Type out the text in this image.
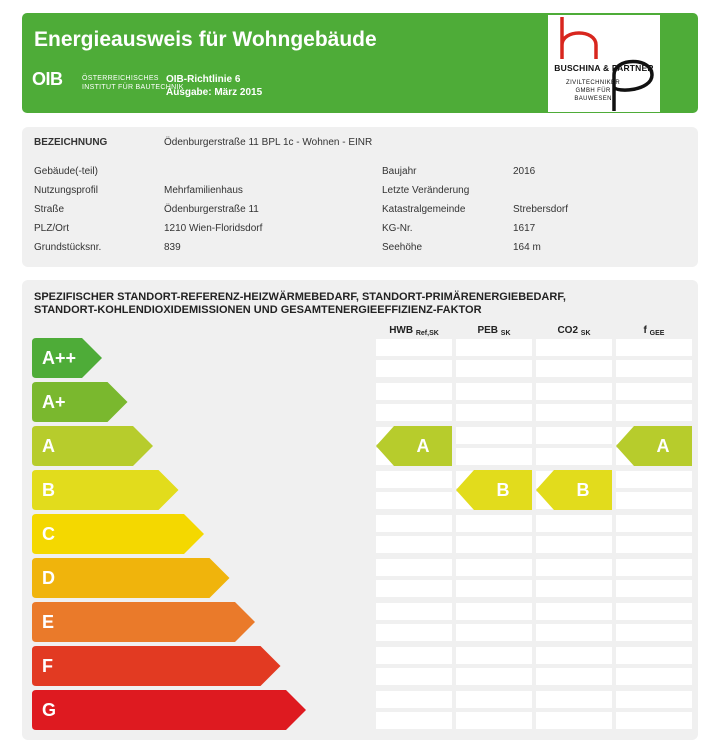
Energieausweis für Wohngebäude
OIB	ÖSTERREICHISCHES
INSTITUT FÜR BAUTECHNIK
OIB-Richtlinie 6
Ausgabe: März 2015
BUSCHINA & PARTNER
ZIVILTECHNIKER
GMBH FÜR
BAUWESEN
BEZEICHNUNG	Ödenburgerstraße 11 BPL 1c - Wohnen - EINR
Gebäude(-teil)
Nutzungsprofil	Mehrfamilienhaus
Straße	Ödenburgerstraße 11
PLZ/Ort	1210 Wien-Floridsdorf
Grundstücksnr.	839
Baujahr	2016
Letzte Veränderung
Katastralgemeinde	Strebersdorf
KG-Nr.	1617
Seehöhe	164 m
SPEZIFISCHER STANDORT-REFERENZ-HEIZWÄRMEBEDARF, STANDORT-PRIMÄRENERGIEBEDARF,
STANDORT-KOHLENDIOXIDEMISSIONEN UND GESAMTENERGIEEFFIZIENZ-FAKTOR
HWB $_{Ref,SK}$	PEB $_{SK}$	CO2 $_{SK}$	f $_{GEE}$
A++
A+
A
B
C
D
E
F
G
A
B	B
A
